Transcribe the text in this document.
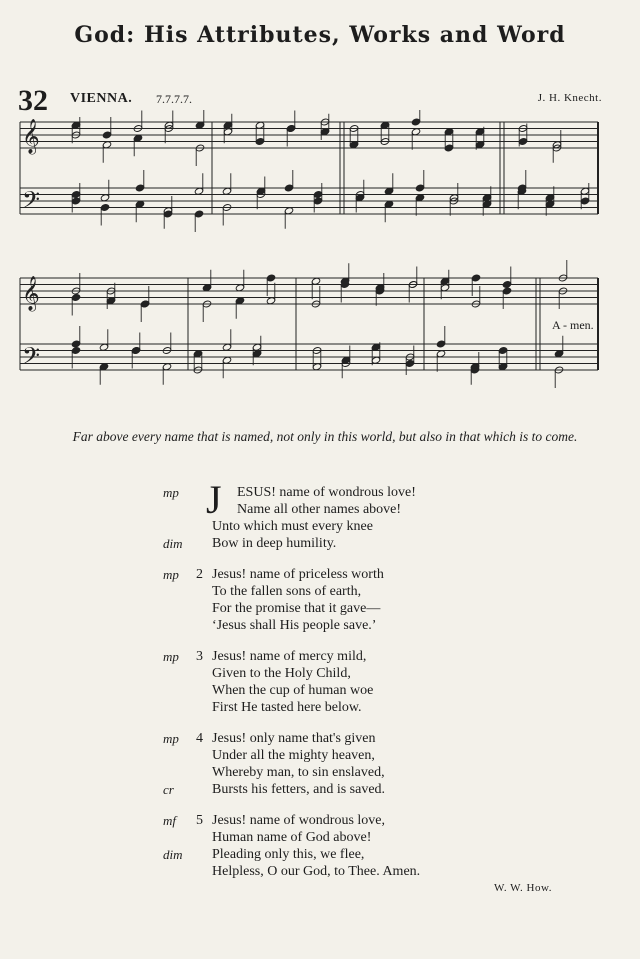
God: His Attributes, Works and Word
32 VIENNA. 7.7.7.7.	J. H. Knecht.
𝄞
𝄞
𝄢
𝄢
A - men.
Far above every name that is named, not only in this world, but also in that which is to come.
J
mp	ESUS! name of wondrous love!
Name all other names above!
Unto which must every knee
dim Bow in deep humility.
mp 2 Jesus! name of priceless worth
To the fallen sons of earth,
For the promise that it gave—
‘Jesus shall His people save.’
mp 3 Jesus! name of mercy mild,
Given to the Holy Child,
When the cup of human woe
First He tasted here below.
mp 4 Jesus! only name that's given
Under all the mighty heaven,
Whereby man, to sin enslaved,
cr	Bursts his fetters, and is saved.
mf 5 Jesus! name of wondrous love,
Human name of God above!
dim Pleading only this, we flee,
Helpless, O our God, to Thee. Amen.
W. W. How.
